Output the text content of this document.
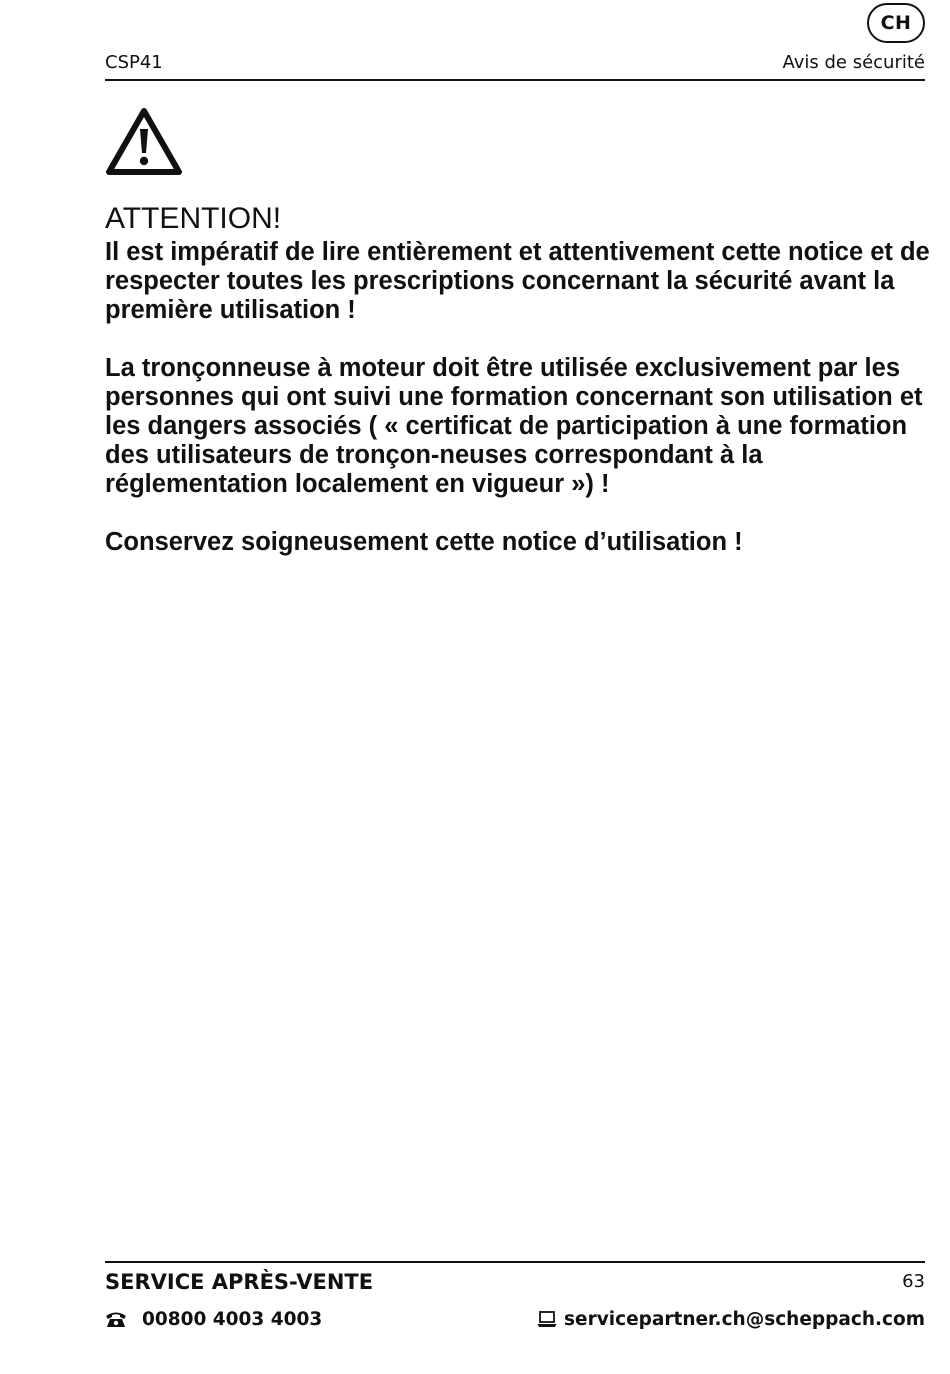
CH
CSP41	Avis de sécurité
ATTENTION!

Il est impératif de lire entièrement et attentivement cette notice et de respecter toutes les prescriptions concernant la sécurité avant la première utilisation !

La tronçonneuse à moteur doit être utilisée exclusivement par les personnes qui ont suivi une formation concernant son utilisation et les dangers associés ( « certificat de participation à une formation des utilisateurs de tronçon-neuses correspondant à la réglementation localement en vigueur ») !

Conservez soigneusement cette notice d’utilisation !

SERVICE APRÈS-VENTE	63
00800 4003 4003	servicepartner.ch@scheppach.com
